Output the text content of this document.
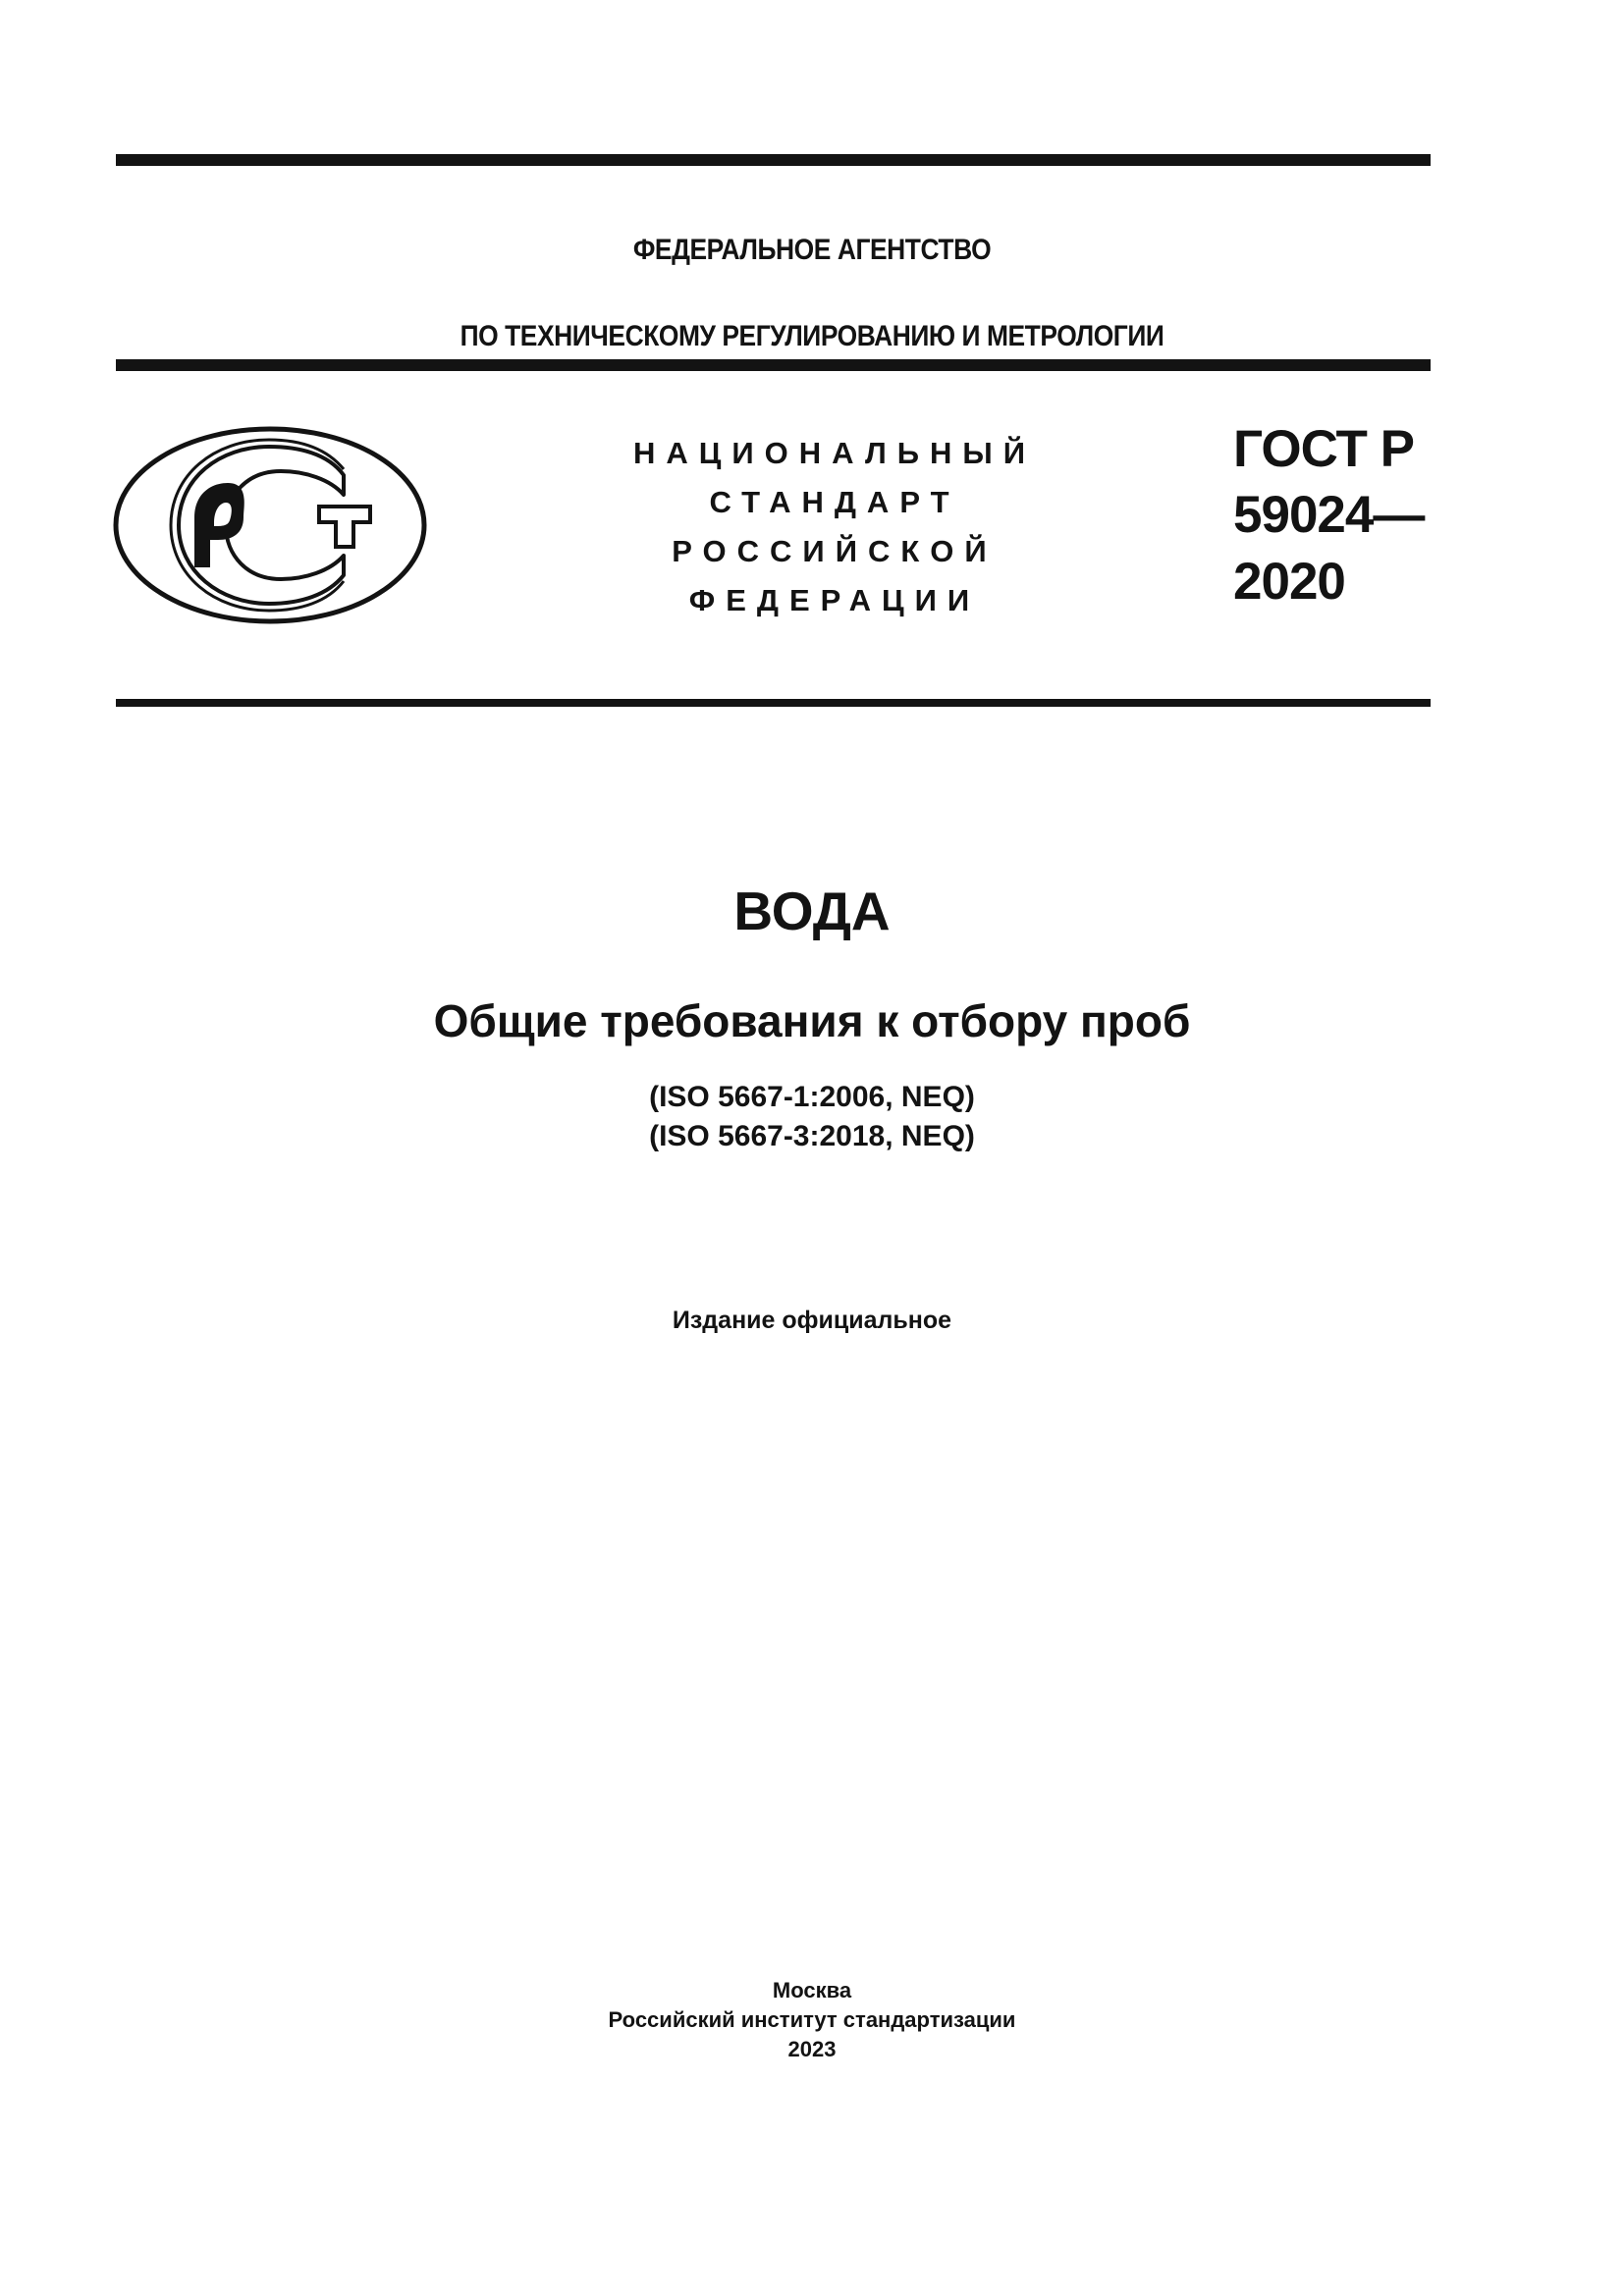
ФЕДЕРАЛЬНОЕ АГЕНТСТВО
ПО ТЕХНИЧЕСКОМУ РЕГУЛИРОВАНИЮ И МЕТРОЛОГИИ
НАЦИОНАЛЬНЫЙ
СТАНДАРТ
РОССИЙСКОЙ
ФЕДЕРАЦИИ
ГОСТ Р
59024—
2020
ВОДА
Общие требования к отбору проб
(ISO 5667-1:2006, NEQ)
(ISO 5667-3:2018, NEQ)
Издание официальное
Москва
Российский институт стандартизации
2023
